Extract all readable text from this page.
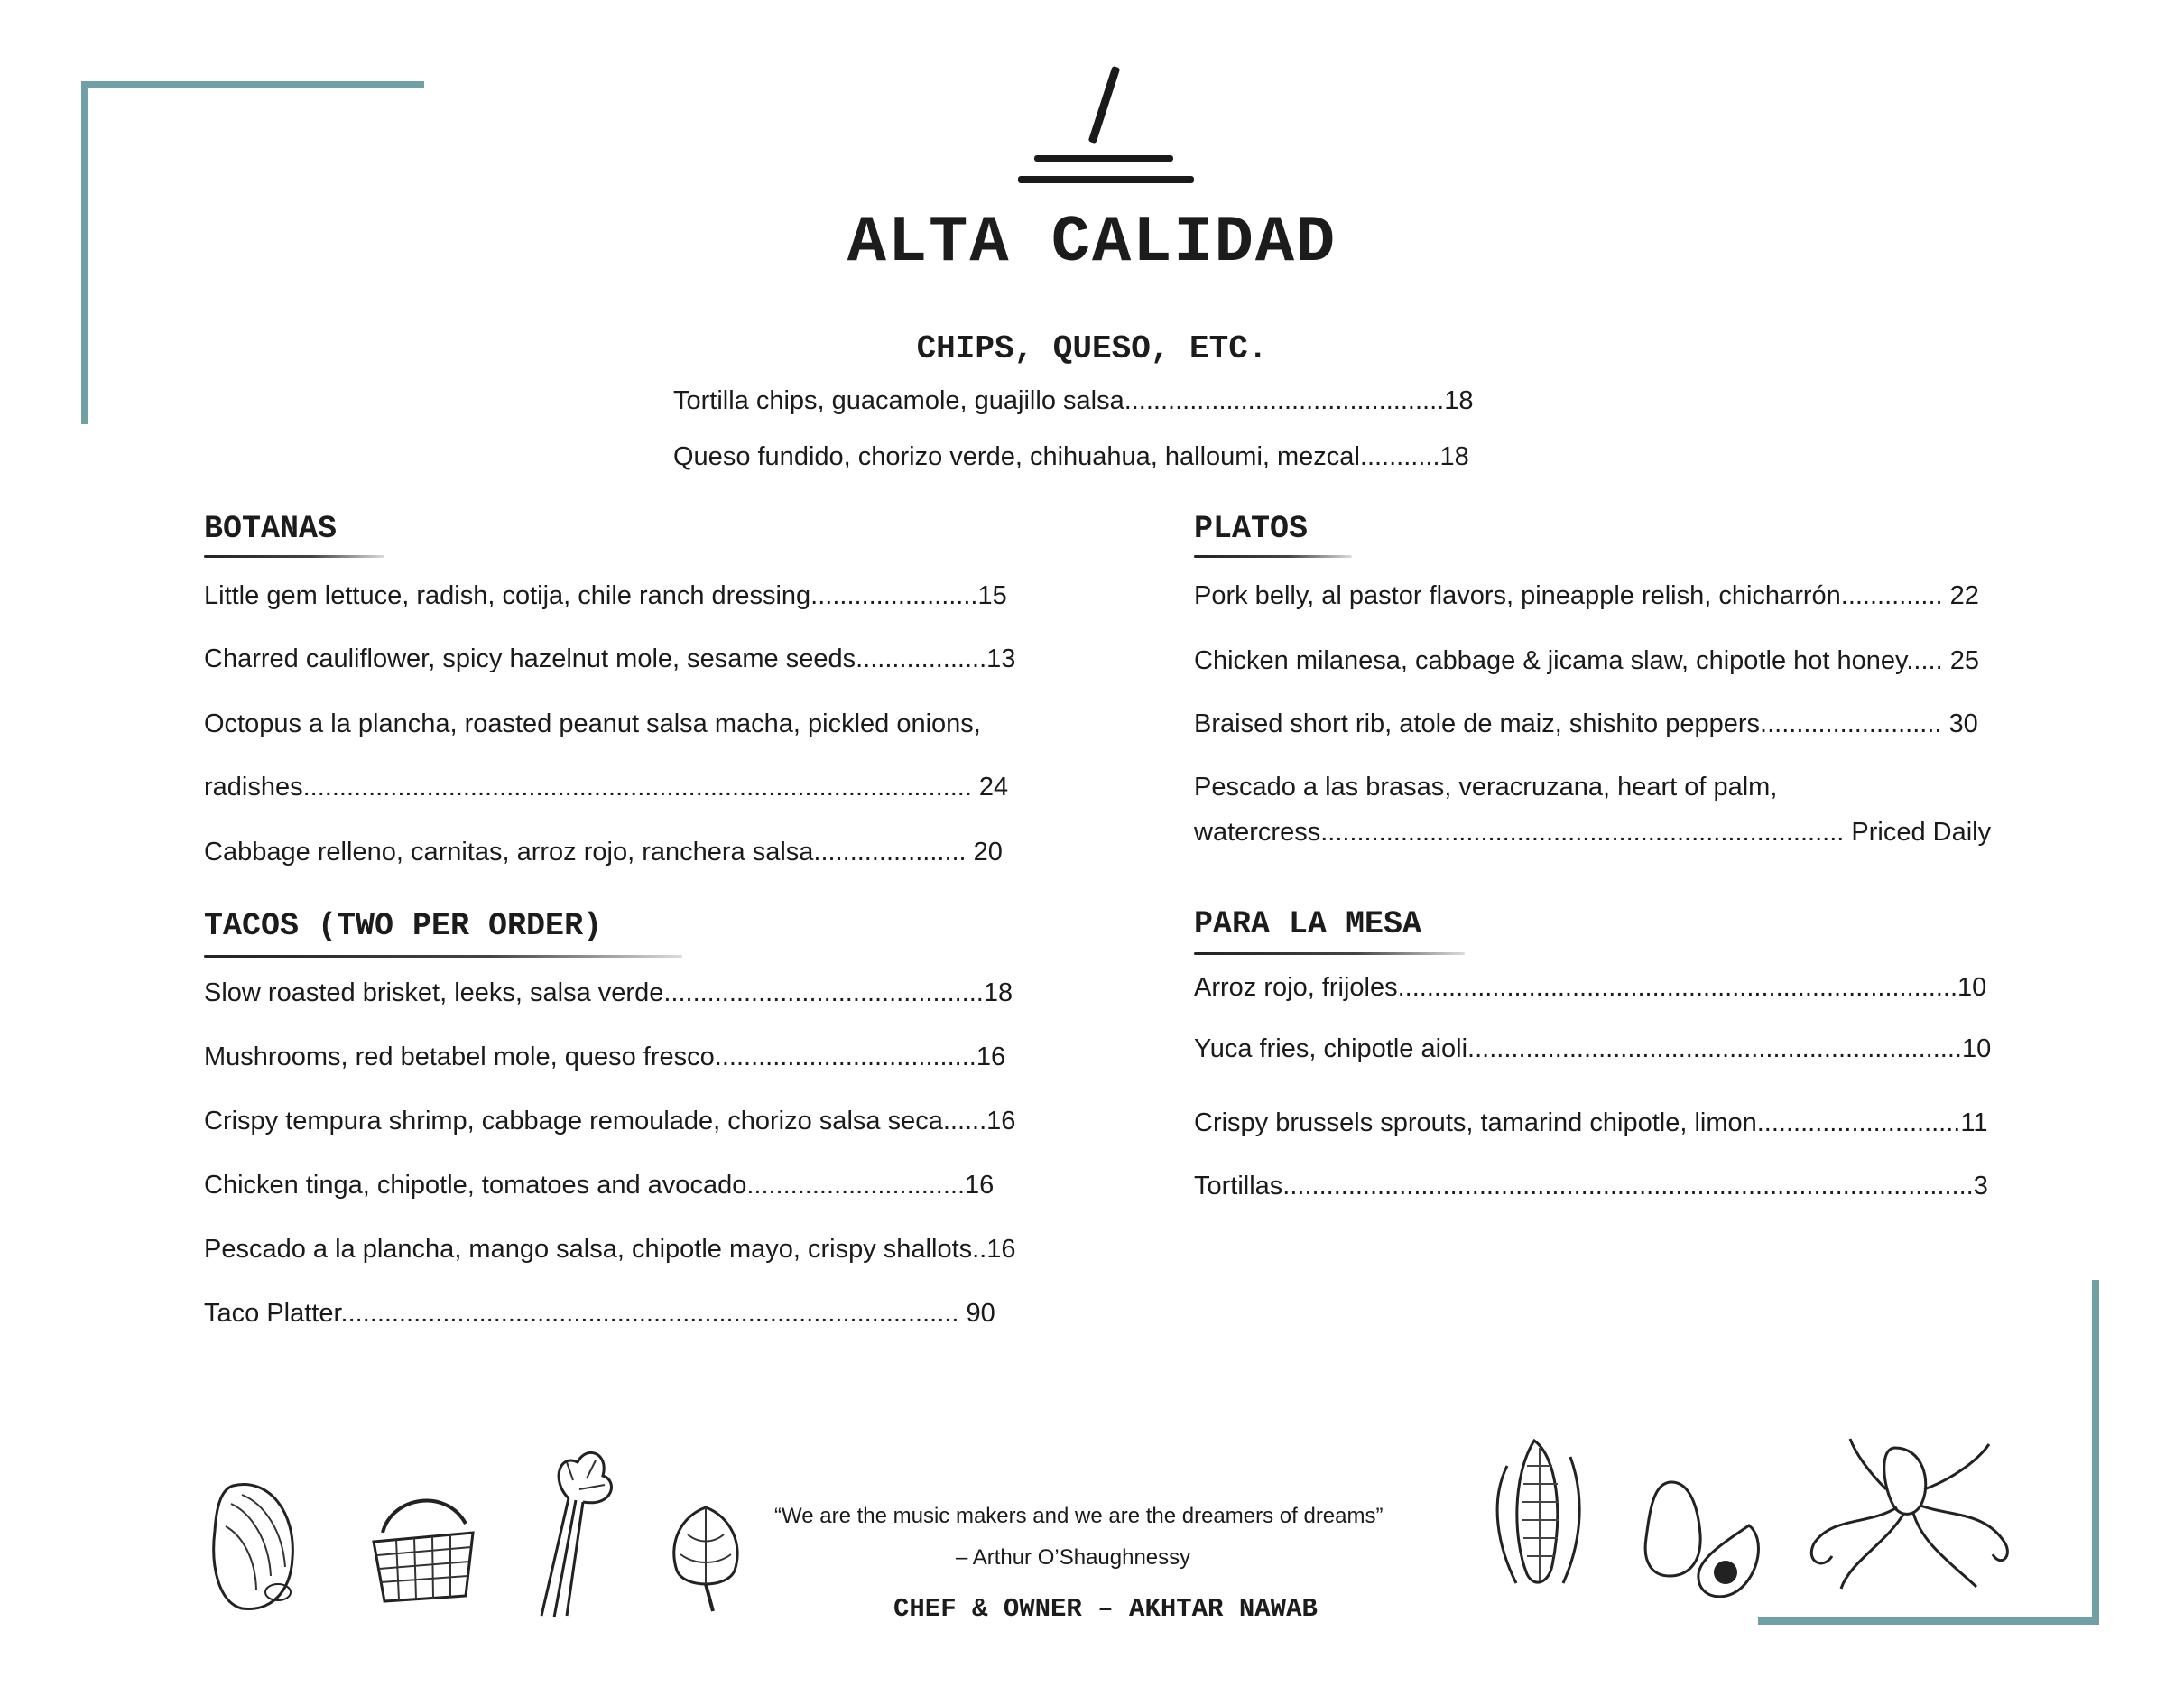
ALTA CALIDAD
CHIPS, QUESO, ETC.
Tortilla chips, guacamole, guajillo salsa............................................18
Queso fundido, chorizo verde, chihuahua, halloumi, mezcal...........18
BOTANAS
Little gem lettuce, radish, cotija, chile ranch dressing.......................15
Charred cauliflower, spicy hazelnut mole, sesame seeds..................13
Octopus a la plancha, roasted peanut salsa macha, pickled onions,
radishes............................................................................................ 24
Cabbage relleno, carnitas, arroz rojo, ranchera salsa..................... 20
TACOS (TWO PER ORDER)
Slow roasted brisket, leeks, salsa verde............................................18
Mushrooms, red betabel mole, queso fresco....................................16
Crispy tempura shrimp, cabbage remoulade, chorizo salsa seca......16
Chicken tinga, chipotle, tomatoes and avocado..............................16
Pescado a la plancha, mango salsa, chipotle mayo, crispy shallots..16
Taco Platter..................................................................................... 90
PLATOS
Pork belly, al pastor flavors, pineapple relish, chicharrón.............. 22
Chicken milanesa, cabbage & jicama slaw, chipotle hot honey..... 25
Braised short rib, atole de maiz, shishito peppers......................... 30
Pescado a las brasas, veracruzana, heart of palm,
watercress........................................................................ Priced Daily
PARA LA MESA
Arroz rojo, frijoles.............................................................................10
Yuca fries, chipotle aioli....................................................................10
Crispy brussels sprouts, tamarind chipotle, limon............................11
Tortillas...............................................................................................3
“We are the music makers and we are the dreamers of dreams”
– Arthur O’Shaughnessy
CHEF & OWNER – AKHTAR NAWAB
